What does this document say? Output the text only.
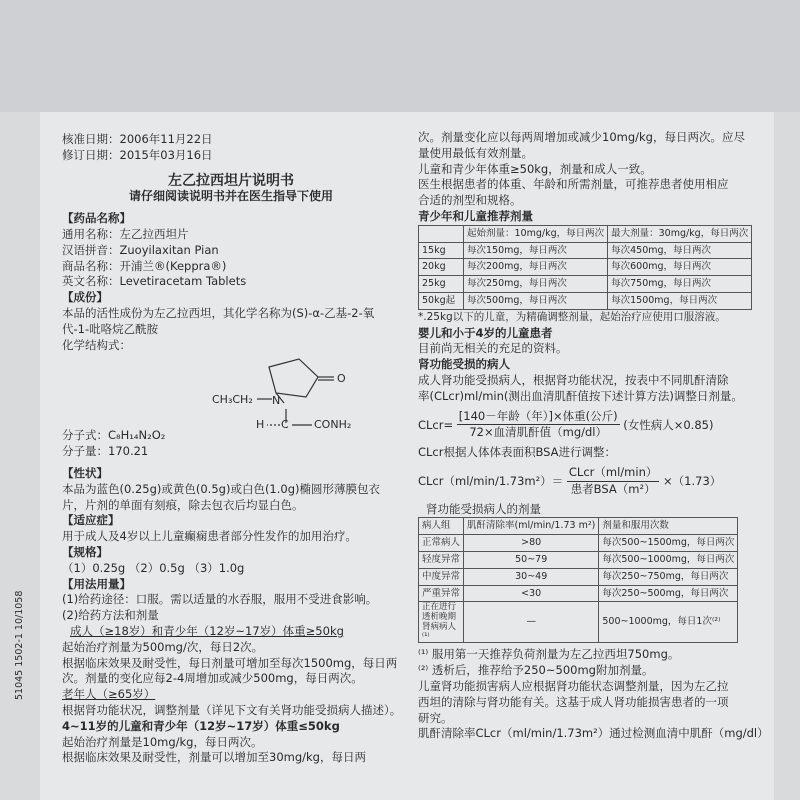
51045 1502-1 10/1058
核准日期：2006年11月22日
修订日期：2015年03月16日
左乙拉西坦片说明书
请仔细阅读说明书并在医生指导下使用
【药品名称】
通用名称：左乙拉西坦片
汉语拼音：Zuoyilaxitan Pian
商品名称：开浦兰®(Keppra®)
英文名称：Levetiracetam Tablets
【成份】
本品的活性成份为左乙拉西坦，其化学名称为(S)-α-乙基-2-氧
代-1-吡咯烷乙酰胺
化学结构式：
CH₃CH₂ N
O
H C CONH₂
分子式：C₈H₁₄N₂O₂
分子量：170.21
【性状】
本品为蓝色(0.25g)或黄色(0.5g)或白色(1.0g)椭圆形薄膜包衣
片，片剂的单面有刻痕，除去包衣后均显白色。
【适应症】
用于成人及4岁以上儿童癫痫患者部分性发作的加用治疗。
【规格】
（1）0.25g （2）0.5g （3）1.0g
【用法用量】
(1)给药途径：口服。需以适量的水吞服，服用不受进食影响。
(2)给药方法和剂量
成人（≥18岁）和青少年（12岁~17岁）体重≥50kg
起始治疗剂量为500mg/次，每日2次。
根据临床效果及耐受性，每日剂量可增加至每次1500mg，每日两
次。剂量的变化应每2-4周增加或减少500mg，每日两次。
老年人（≥65岁）
根据肾功能状况，调整剂量（详见下文有关肾功能受损病人描述）。
4~11岁的儿童和青少年（12岁~17岁）体重≤50kg
起始治疗剂量是10mg/kg，每日两次。
根据临床效果及耐受性，剂量可以增加至30mg/kg，每日两
次。剂量变化应以每两周增加或减少10mg/kg，每日两次。应尽
量使用最低有效剂量。
儿童和青少年体重≥50kg，剂量和成人一致。
医生根据患者的体重、年龄和所需剂量，可推荐患者使用相应
合适的剂型和规格。
青少年和儿童推荐剂量
	起始剂量：10mg/kg，每日两次	最大剂量：30mg/kg，每日两次
15kg	每次150mg，每日两次	每次450mg，每日两次
20kg	每次200mg，每日两次	每次600mg，每日两次
25kg	每次250mg，每日两次	每次750mg，每日两次
50kg起	每次500mg，每日两次	每次1500mg，每日两次
*.25kg以下的儿童，为精确调整剂量，起始治疗应使用口服溶液。
婴儿和小于4岁的儿童患者
目前尚无相关的充足的资料。
肾功能受损的病人
成人肾功能受损病人，根据肾功能状况，按表中不同肌酐清除
率(CLcr)ml/min(测出血清肌酐值按下述计算方法)调整日剂量。
CLcr= $\frac{\text{[140－年龄（年）]×体重(公斤)}}{\text{72×血清肌酐值（mg/dl）}}$ (女性病人×0.85)
CLcr根据人体体表面积BSA进行调整：
CLcr（ml/min/1.73m²）＝ $\frac{\text{CLcr（ml/min）}}{\text{患者BSA（m²）}} \times(1.73)$
肾功能受损病人的剂量
病人组	肌酐清除率(ml/min/1.73 m²)	剂量和服用次数
正常病人	>80	每次500~1500mg，每日两次
轻度异常	50~79	每次500~1000mg，每日两次
中度异常	30~49	每次250~750mg，每日两次
严重异常	<30	每次250~500mg，每日两次
正在进行透析晚期肾病病人⁽¹⁾	—	500~1000mg，每日1次⁽²⁾
⁽¹⁾ 服用第一天推荐负荷剂量为左乙拉西坦750mg。
⁽²⁾ 透析后，推荐给予250~500mg附加剂量。
儿童肾功能损害病人应根据肾功能状态调整剂量，因为左乙拉
西坦的清除与肾功能有关。这基于成人肾功能损害患者的一项
研究。
肌酐清除率CLcr（ml/min/1.73m²）通过检测血清中肌酐（mg/dl）
